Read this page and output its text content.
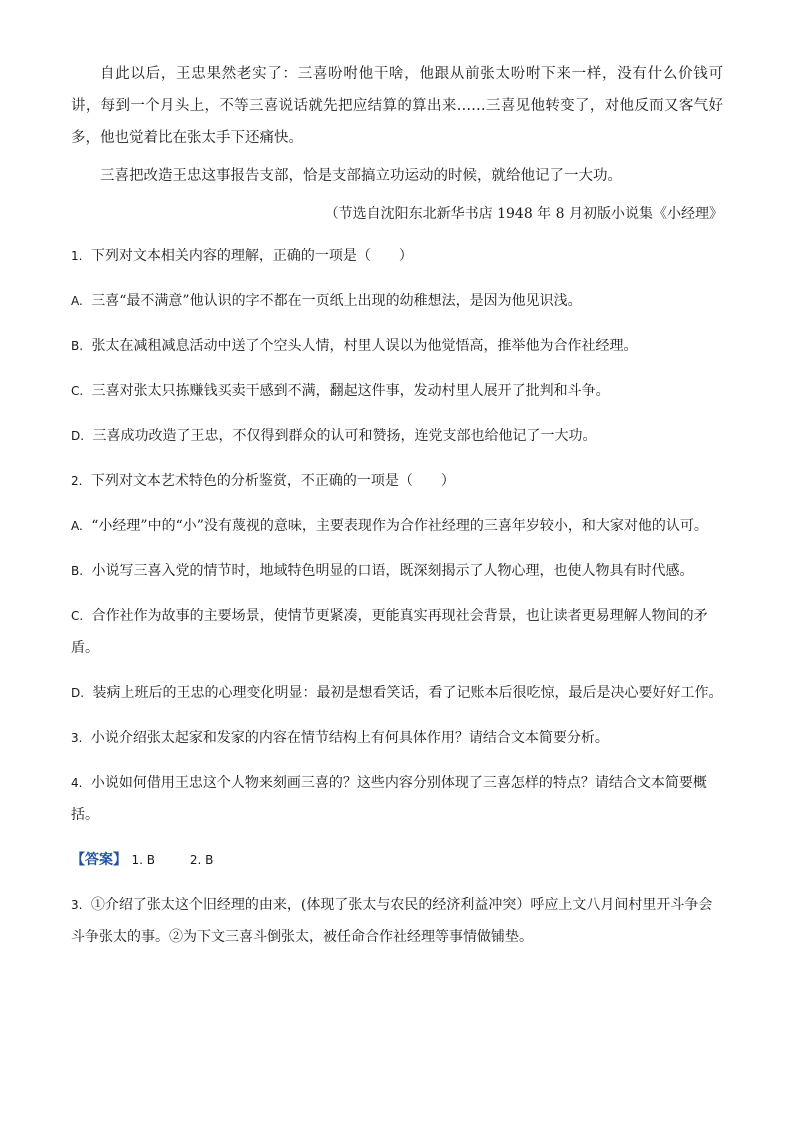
自此以后，王忠果然老实了：三喜吩咐他干啥，他跟从前张太吩咐下来一样，没有什么价钱可讲，每到一个月头上，不等三喜说话就先把应结算的算出来……三喜见他转变了，对他反而又客气好多，他也觉着比在张太手下还痛快。

三喜把改造王忠这事报告支部，恰是支部搞立功运动的时候，就给他记了一大功。

（节选自沈阳东北新华书店 1948 年 8 月初版小说集《小经理》

1. 下列对文本相关内容的理解，正确的一项是（　　）
A. 三喜“最不满意”他认识的字不都在一页纸上出现的幼稚想法，是因为他见识浅。
B. 张太在减租减息活动中送了个空头人情，村里人误以为他觉悟高，推举他为合作社经理。
C. 三喜对张太只拣赚钱买卖干感到不满，翻起这件事，发动村里人展开了批判和斗争。
D. 三喜成功改造了王忠，不仅得到群众的认可和赞扬，连党支部也给他记了一大功。
2. 下列对文本艺术特色的分析鉴赏，不正确的一项是（　　）
A. “小经理”中的“小”没有蔑视的意味，主要表现作为合作社经理的三喜年岁较小，和大家对他的认可。
B. 小说写三喜入党的情节时，地域特色明显的口语，既深刻揭示了人物心理，也使人物具有时代感。
C. 合作社作为故事的主要场景，使情节更紧凑，更能真实再现社会背景，也让读者更易理解人物间的矛盾。
D. 装病上班后的王忠的心理变化明显：最初是想看笑话，看了记账本后很吃惊，最后是决心要好好工作。
3. 小说介绍张太起家和发家的内容在情节结构上有何具体作用？请结合文本简要分析。
4. 小说如何借用王忠这个人物来刻画三喜的？这些内容分别体现了三喜怎样的特点？请结合文本简要概括。
【答案】 1. B	2. B
3. ①介绍了张太这个旧经理的由来，(体现了张太与农民的经济利益冲突）呼应上文八月间村里开斗争会斗争张太的事。②为下文三喜斗倒张太，被任命合作社经理等事情做铺垫。
